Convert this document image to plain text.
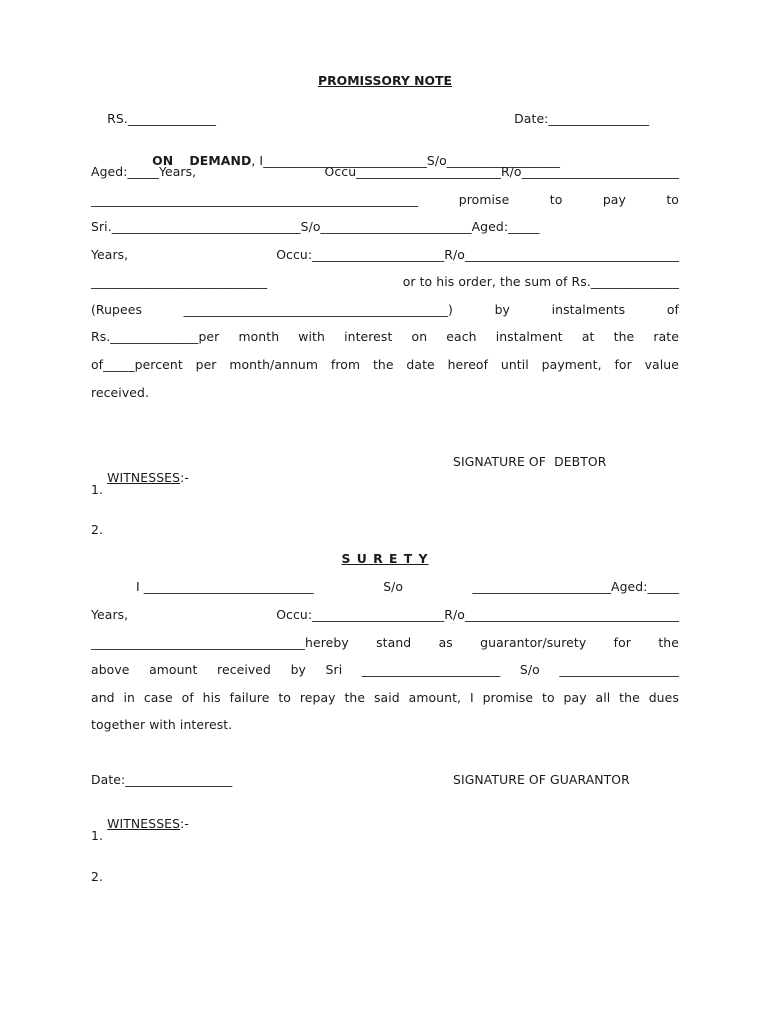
PROMISSORY NOTE

RS.______________
	Date:________________

ON DEMAND, I__________________________S/o__________________

Aged:_____Years,	Occu_______________________R/o_________________________
____________________________________________________	promise	to	pay	to
Sri.______________________________S/o________________________Aged:_____
Years,	Occu:_____________________R/o__________________________________
____________________________	or to his order, the sum of Rs.______________
(Rupees	__________________________________________)	by	instalments	of
Rs.______________per month with interest on each instalment at the rate
of_____percent per month/annum from the date hereof until payment, for value
received.

WITNESSES:-

SIGNATURE OF  DEBTOR
1.
2.
S U R E T Y
I ___________________________	S/o	______________________Aged:_____
Years,	Occu:_____________________R/o__________________________________
__________________________________hereby stand as guarantor/surety for the
above amount received by Sri ______________________ S/o ___________________
and in case of his failure to repay the said amount, I promise to pay all the dues
together with interest.
Date:_________________	SIGNATURE OF GUARANTOR

WITNESSES:-

1.
2.
